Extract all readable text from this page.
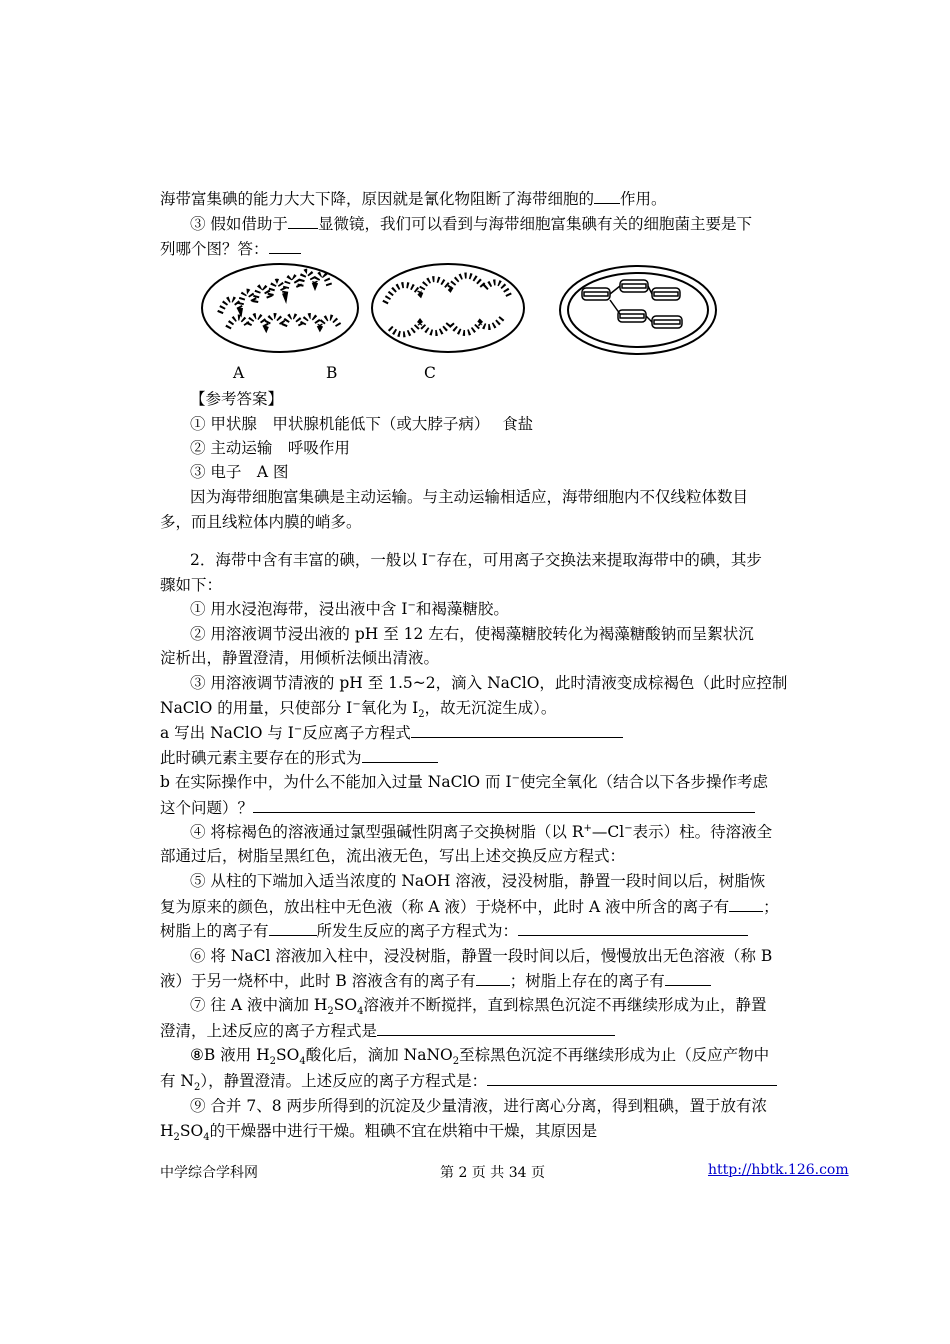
海带富集碘的能力大大下降，原因就是氰化物阻断了海带细胞的 作用。
③ 假如借助于 显微镜，我们可以看到与海带细胞富集碘有关的细胞菌主要是下
列哪个图？答：
A	B	C
【参考答案】
① 甲状腺　甲状腺机能低下（或大脖子病）　 食盐
② 主动运输　呼吸作用
③ 电子　A 图
因为海带细胞富集碘是主动运输。与主动运输相适应，海带细胞内不仅线粒体数目
多，而且线粒体内膜的峭多。
2．海带中含有丰富的碘，一般以 I−存在，可用离子交换法来提取海带中的碘，其步
骤如下：
① 用水浸泡海带，浸出液中含 I−和褐藻糖胶。
② 用溶液调节浸出液的 pH 至 12 左右，使褐藻糖胶转化为褐藻糖酸钠而呈絮状沉
淀析出，静置澄清，用倾析法倾出清液。
③ 用溶液调节清液的 pH 至 1.5~2，滴入 NaClO，此时清液变成棕褐色（此时应控制
NaClO 的用量，只使部分 I−氧化为 $I_2$，故无沉淀生成）。
a 写出 NaClO 与 I−反应离子方程式
此时碘元素主要存在的形式为
b 在实际操作中，为什么不能加入过量 NaClO 而 I−使完全氧化（结合以下各步操作考虑
这个问题）？
④ 将棕褐色的溶液通过氯型强碱性阴离子交换树脂（以 R+—Cl−表示）柱。待溶液全
部通过后，树脂呈黑红色，流出液无色，写出上述交换反应方程式：
⑤ 从柱的下端加入适当浓度的 NaOH 溶液，浸没树脂，静置一段时间以后，树脂恢
复为原来的颜色，放出柱中无色液（称 A 液）于烧杯中，此时 A 液中所含的离子有 ；
树脂上的离子有	所发生反应的离子方程式为：
⑥ 将 NaCl 溶液加入柱中，浸没树脂，静置一段时间以后，慢慢放出无色溶液（称 B
液）于另一烧杯中，此时 B 溶液含有的离子有 ；树脂上存在的离子有
⑦ 往 A 液中滴加 $H_2SO_4$溶液并不断搅拌，直到棕黑色沉淀不再继续形成为止，静置
澄清，上述反应的离子方程式是
⑧B 液用 $H_2SO_4$酸化后，滴加 NaNO$_2$至棕黑色沉淀不再继续形成为止（反应产物中
有 $N_2$），静置澄清。上述反应的离子方程式是：
⑨ 合并 7、8 两步所得到的沉淀及少量清液，进行离心分离，得到粗碘，置于放有浓
$H_2SO_4$的干燥器中进行干燥。粗碘不宜在烘箱中干燥，其原因是
中学综合学科网	第 2 页 共 34 页	http://hbtk.126.com
